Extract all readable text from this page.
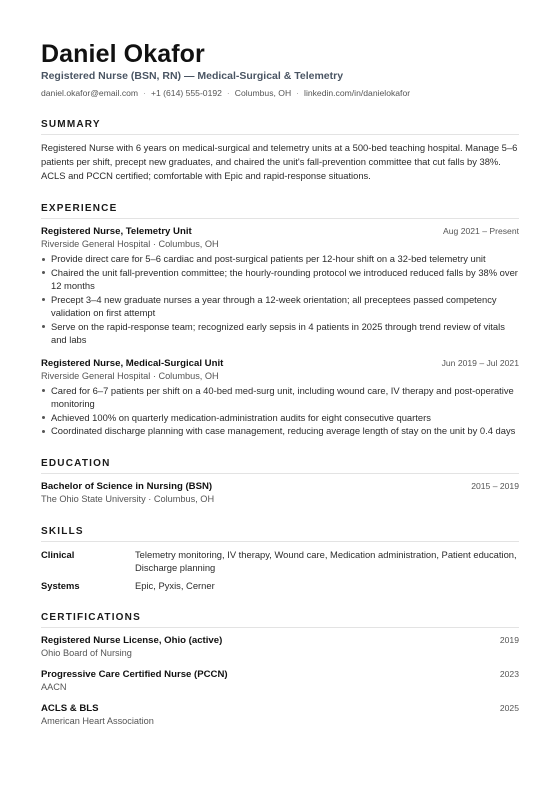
Daniel Okafor
Registered Nurse (BSN, RN) — Medical-Surgical & Telemetry
daniel.okafor@email.com · +1 (614) 555-0192 · Columbus, OH · linkedin.com/in/danielokafor
SUMMARY
Registered Nurse with 6 years on medical-surgical and telemetry units at a 500-bed teaching hospital. Manage 5–6 patients per shift, precept new graduates, and chaired the unit's fall-prevention committee that cut falls by 38%. ACLS and PCCN certified; comfortable with Epic and rapid-response situations.
EXPERIENCE
Registered Nurse, Telemetry Unit	Aug 2021 – Present
Riverside General Hospital · Columbus, OH
Provide direct care for 5–6 cardiac and post-surgical patients per 12-hour shift on a 32-bed telemetry unit
Chaired the unit fall-prevention committee; the hourly-rounding protocol we introduced reduced falls by 38% over 12 months
Precept 3–4 new graduate nurses a year through a 12-week orientation; all preceptees passed competency validation on first attempt
Serve on the rapid-response team; recognized early sepsis in 4 patients in 2025 through trend review of vitals and labs
Registered Nurse, Medical-Surgical Unit	Jun 2019 – Jul 2021
Riverside General Hospital · Columbus, OH
Cared for 6–7 patients per shift on a 40-bed med-surg unit, including wound care, IV therapy and post-operative monitoring
Achieved 100% on quarterly medication-administration audits for eight consecutive quarters
Coordinated discharge planning with case management, reducing average length of stay on the unit by 0.4 days
EDUCATION
Bachelor of Science in Nursing (BSN)	2015 – 2019
The Ohio State University · Columbus, OH
SKILLS
Clinical	Telemetry monitoring, IV therapy, Wound care, Medication administration, Patient education, Discharge planning
Systems	Epic, Pyxis, Cerner
CERTIFICATIONS
Registered Nurse License, Ohio (active)	2019
Ohio Board of Nursing
Progressive Care Certified Nurse (PCCN)	2023
AACN
ACLS & BLS	2025
American Heart Association
